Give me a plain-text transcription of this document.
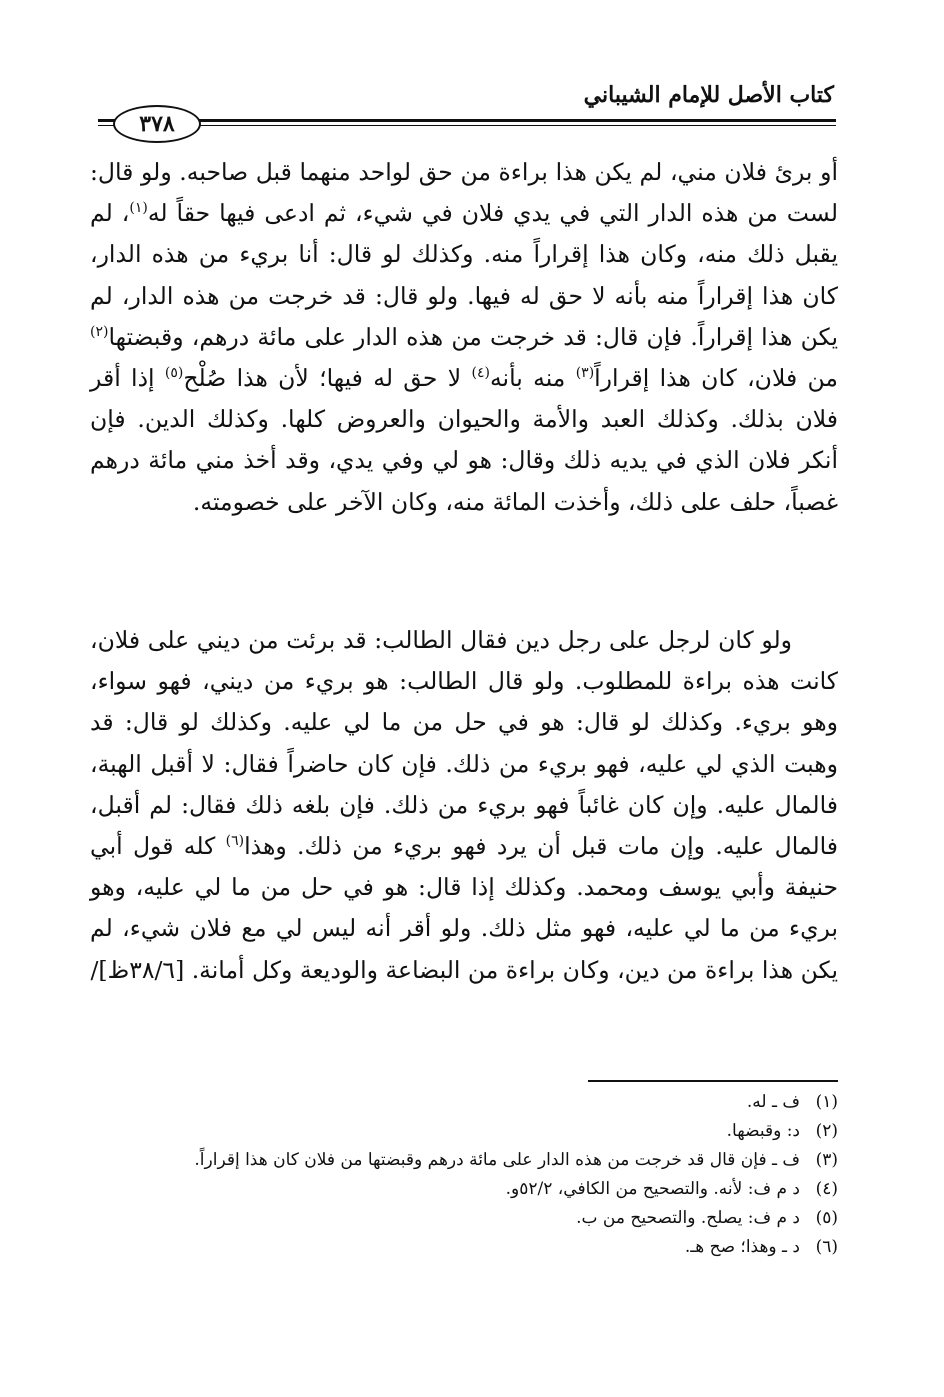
كتاب الأصل للإمام الشيباني
٣٧٨
أو برئ فلان مني، لم يكن هذا براءة من حق لواحد منهما قبل صاحبه. ولو قال: لست من هذه الدار التي في يدي فلان في شيء، ثم ادعى فيها حقاً له$^{(١)}$، لم يقبل ذلك منه، وكان هذا إقراراً منه. وكذلك لو قال: أنا بريء من هذه الدار، كان هذا إقراراً منه بأنه لا حق له فيها. ولو قال: قد خرجت من هذه الدار، لم يكن هذا إقراراً. فإن قال: قد خرجت من هذه الدار على مائة درهم، وقبضتها$^{(٢)}$ من فلان، كان هذا إقراراً$^{(٣)}$ منه بأنه$^{(٤)}$ لا حق له فيها؛ لأن هذا صُلْح$^{(٥)}$ إذا أقر فلان بذلك. وكذلك العبد والأمة والحيوان والعروض كلها. وكذلك الدين. فإن أنكر فلان الذي في يديه ذلك وقال: هو لي وفي يدي، وقد أخذ مني مائة درهم غصباً، حلف على ذلك، وأخذت المائة منه، وكان الآخر على خصومته.
ولو كان لرجل على رجل دين فقال الطالب: قد برئت من ديني على فلان، كانت هذه براءة للمطلوب. ولو قال الطالب: هو بريء من ديني، فهو سواء، وهو بريء. وكذلك لو قال: هو في حل من ما لي عليه. وكذلك لو قال: قد وهبت الذي لي عليه، فهو بريء من ذلك. فإن كان حاضراً فقال: لا أقبل الهبة، فالمال عليه. وإن كان غائباً فهو بريء من ذلك. فإن بلغه ذلك فقال: لم أقبل، فالمال عليه. وإن مات قبل أن يرد فهو بريء من ذلك. وهذا$^{(٦)}$ كله قول أبي حنيفة وأبي يوسف ومحمد. وكذلك إذا قال: هو في حل من ما لي عليه، وهو بريء من ما لي عليه، فهو مثل ذلك. ولو أقر أنه ليس لي مع فلان شيء، لم يكن هذا براءة من دين، وكان براءة من البضاعة والوديعة وكل أمانة. [٣٨/٦ظ]/
(١)
ف ـ له.
(٢)
د: وقبضها.
(٣)
ف ـ فإن قال قد خرجت من هذه الدار على مائة درهم وقبضتها من فلان كان هذا إقراراً.
(٤)
د م ف: لأنه. والتصحيح من الكافي، ٥٢/٢و.
(٥)
د م ف: يصلح. والتصحيح من ب.
(٦)
د ـ وهذا؛ صح هـ.
